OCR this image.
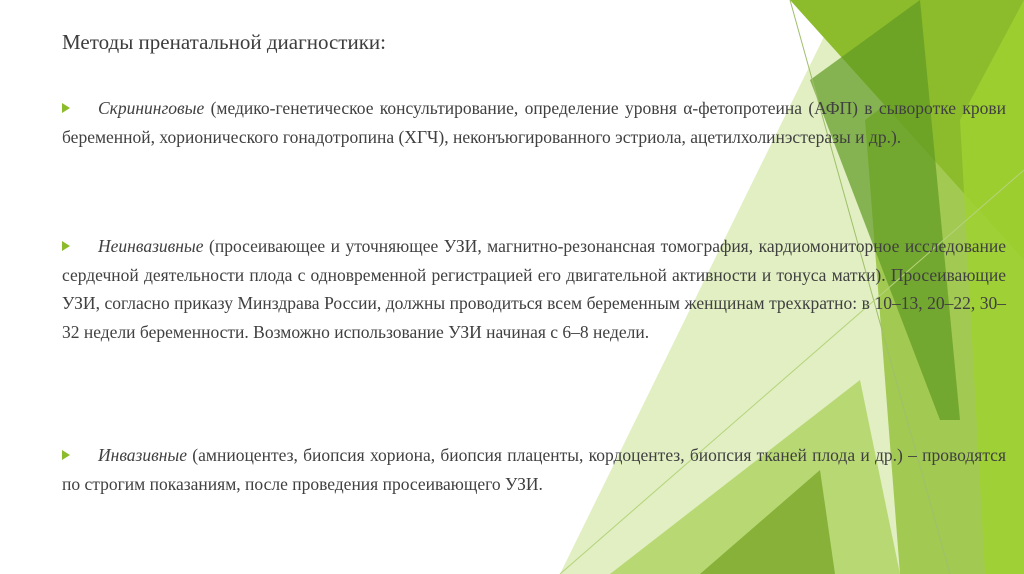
Методы пренатальной диагностики:
Скрининговые (медико-генетическое консультирование, определение уровня α-фетопротеина (АФП) в сыворотке крови беременной, хорионического гонадотропина (ХГЧ), неконъюгированного эстриола, ацетилхолинэстеразы и др.).
Неинвазивные (просеивающее и уточняющее УЗИ, магнитно-резонансная томография, кардиомониторное исследование сердечной деятельности плода с одновременной регистрацией его двигательной активности и тонуса матки). Просеивающие УЗИ, согласно приказу Минздрава России, должны проводиться всем беременным женщинам трехкратно: в 10–13, 20–22, 30–32 недели беременности. Возможно использование УЗИ начиная с 6–8 недели.
Инвазивные (амниоцентез, биопсия хориона, биопсия плаценты, кордоцентез, биопсия тканей плода и др.) – проводятся по строгим показаниям, после проведения просеивающего УЗИ.
